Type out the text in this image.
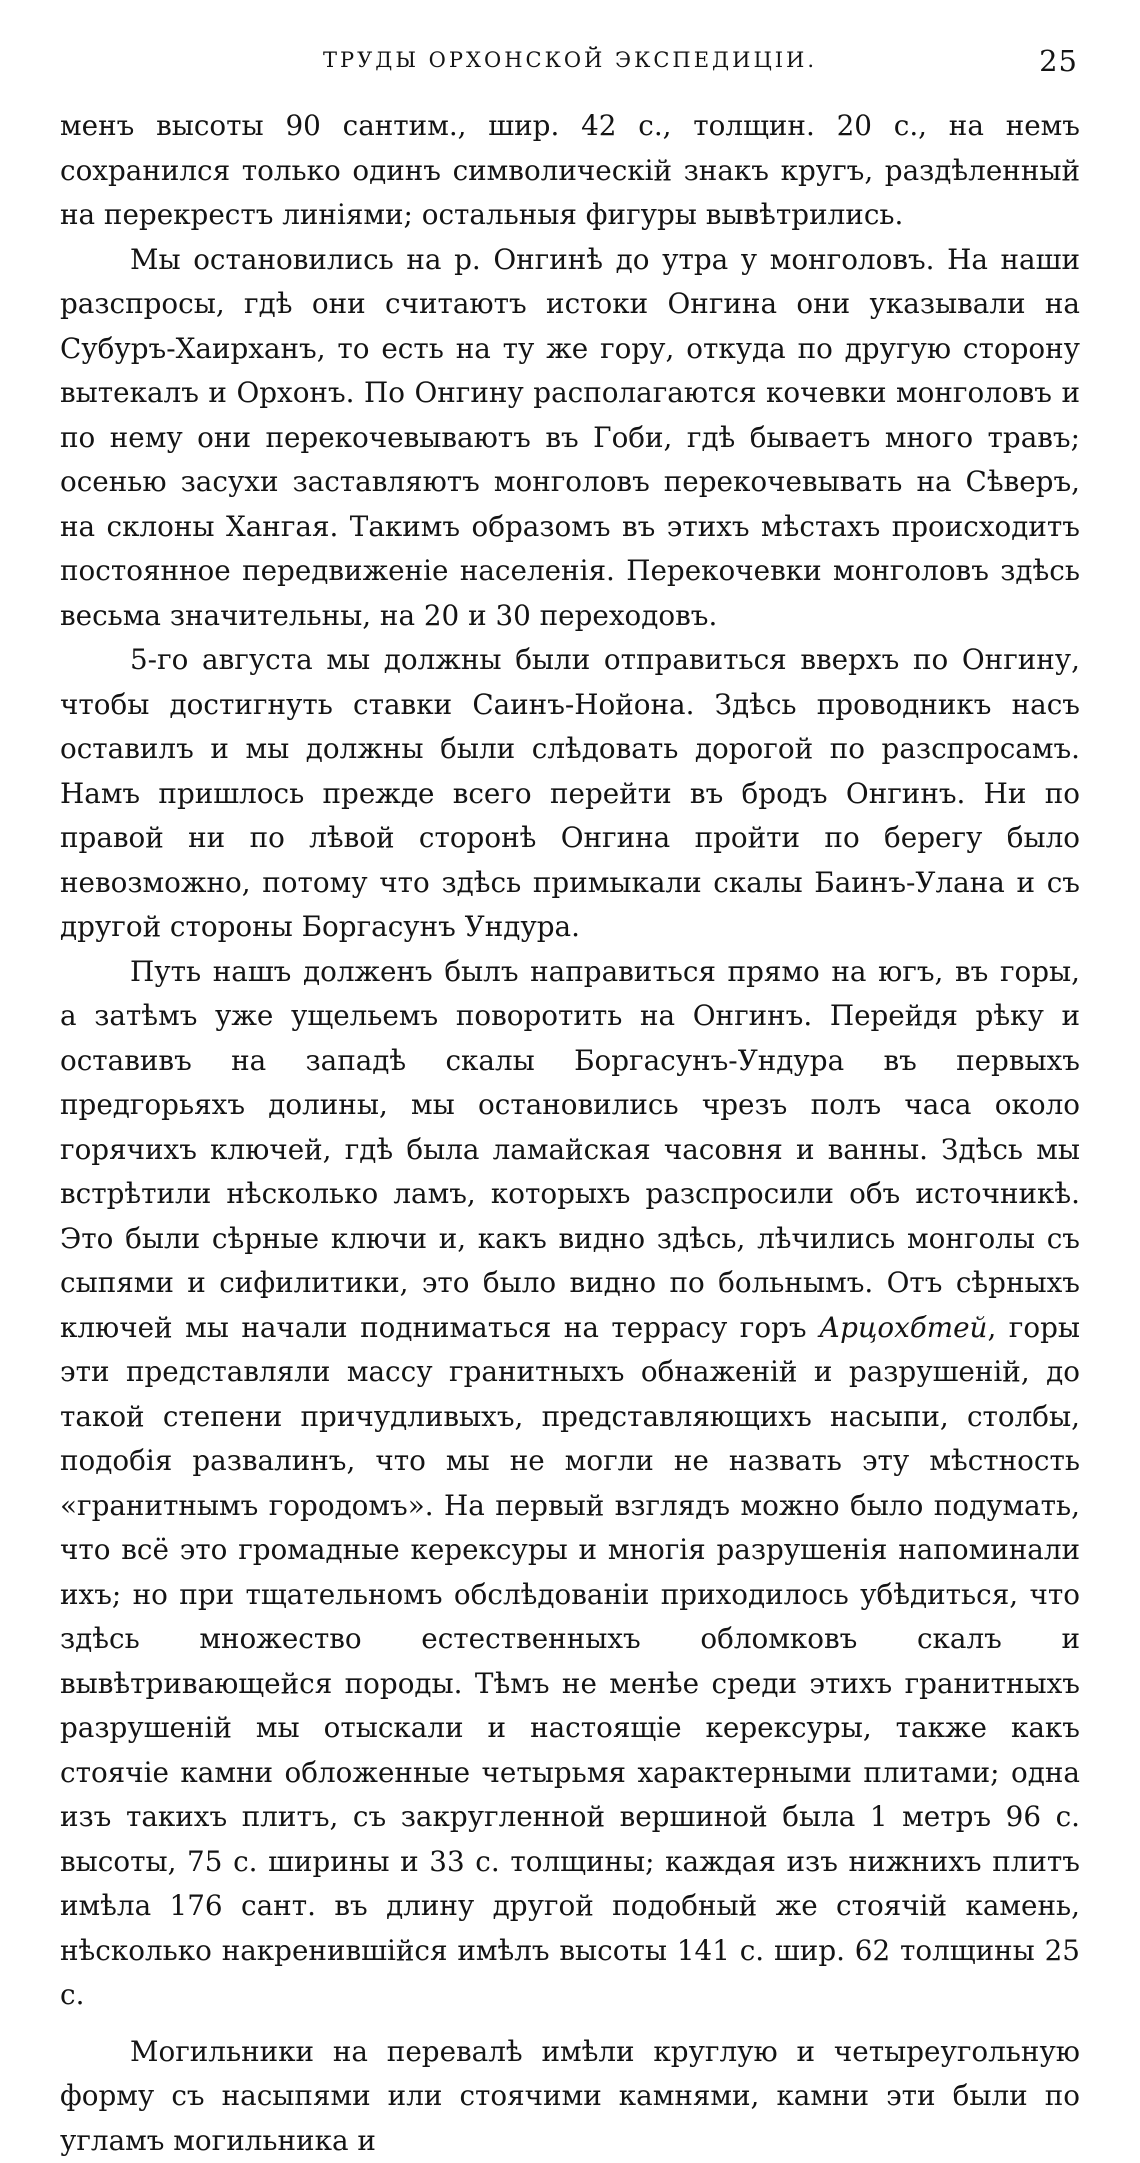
ТРУДЫ ОРХОНСКОЙ ЭКСПЕДИЦІИ.	25

менъ высоты 90 сантим., шир. 42 с., толщин. 20 с., на немъ сохранился только одинъ символическій знакъ кругъ, раздѣленный на перекрестъ линіями; остальныя фигуры вывѣтрились.

Мы остановились на р. Онгинѣ до утра у монголовъ. На наши разспросы, гдѣ они считаютъ истоки Онгина они указывали на Субуръ-Хаирханъ, то есть на ту же гору, откуда по другую сторону вытекалъ и Орхонъ. По Онгину располагаются кочевки монголовъ и по нему они перекочевываютъ въ Гоби, гдѣ бываетъ много травъ; осенью засухи заставляютъ монголовъ перекочевывать на Сѣверъ, на склоны Хангая. Такимъ образомъ въ этихъ мѣстахъ происходитъ постоянное передвиженіе населенія. Перекочевки монголовъ здѣсь весьма значительны, на 20 и 30 переходовъ.

5-го августа мы должны были отправиться вверхъ по Онгину, чтобы достигнуть ставки Саинъ-Нойона. Здѣсь проводникъ насъ оставилъ и мы должны были слѣдовать дорогой по разспросамъ. Намъ пришлось прежде всего перейти въ бродъ Онгинъ. Ни по правой ни по лѣвой сторонѣ Онгина пройти по берегу было невозможно, потому что здѣсь примыкали скалы Баинъ-Улана и съ другой стороны Боргасунъ Ундура.

Путь нашъ долженъ былъ направиться прямо на югъ, въ горы, а затѣмъ уже ущельемъ поворотить на Онгинъ. Перейдя рѣку и оставивъ на западѣ скалы Боргасунъ-Ундура въ первыхъ предгорьяхъ долины, мы остановились чрезъ полъ часа около горячихъ ключей, гдѣ была ламайская часовня и ванны. Здѣсь мы встрѣтили нѣсколько ламъ, которыхъ разспросили объ источникѣ. Это были сѣрные ключи и, какъ видно здѣсь, лѣчились монголы съ сыпями и сифилитики, это было видно по больнымъ. Отъ сѣрныхъ ключей мы начали подниматься на террасу горъ Арцохбтей, горы эти представляли массу гранитныхъ обнаженій и разрушеній, до такой степени причудливыхъ, представляющихъ насыпи, столбы, подобія развалинъ, что мы не могли не назвать эту мѣстность «гранитнымъ городомъ». На первый взглядъ можно было подумать, что всё это громадные керексуры и многія разрушенія напоминали ихъ; но при тщательномъ обслѣдованіи приходилось убѣдиться, что здѣсь множество естественныхъ обломковъ скалъ и вывѣтривающейся породы. Тѣмъ не менѣе среди этихъ гранитныхъ разрушеній мы отыскали и настоящіе керексуры, также какъ стоячіе камни обложенные четырьмя характерными плитами; одна изъ такихъ плитъ, съ закругленной вершиной была 1 метръ 96 с. высоты, 75 с. ширины и 33 с. толщины; каждая изъ нижнихъ плитъ имѣла 176 сант. въ длину другой подобный же стоячій камень, нѣсколько накренившійся имѣлъ высоты 141 с. шир. 62 толщины 25 с.

Могильники на перевалѣ имѣли круглую и четыреугольную форму съ насыпями или стоячими камнями, камни эти были по угламъ могильника и
